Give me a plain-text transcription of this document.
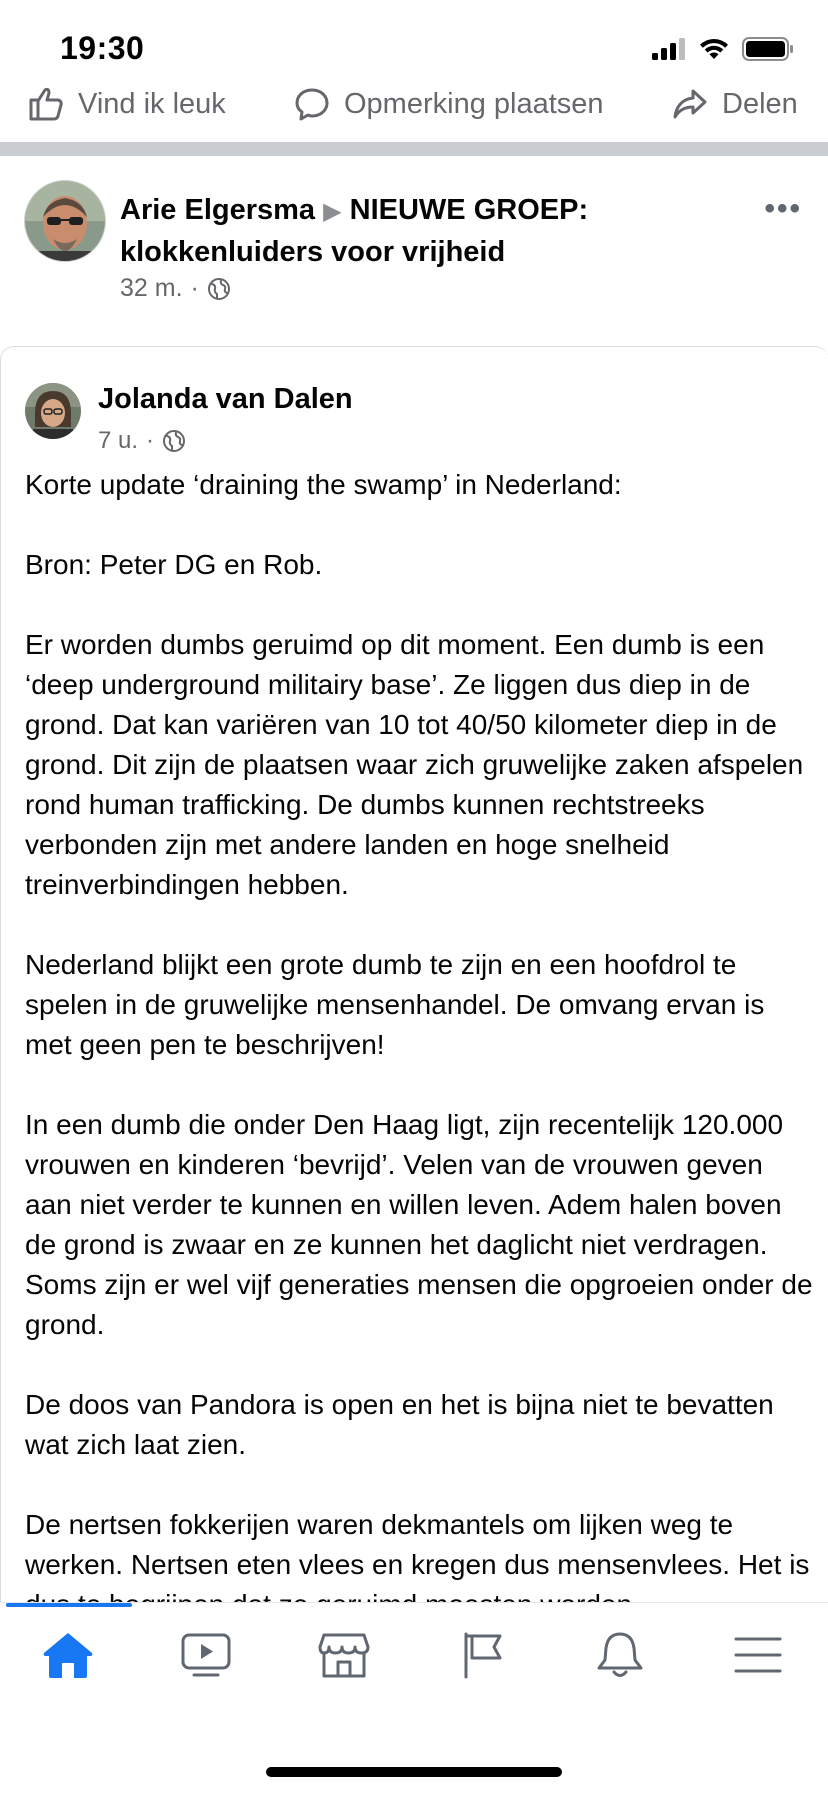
19:30
Vind ik leuk	Opmerking plaatsen	Delen
Arie Elgersma ▶ NIEUWE GROEP: klokkenluiders voor vrijheid
32 m. ·
•••
Jolanda van Dalen
7 u. ·

Korte update ‘draining the swamp’ in Nederland:

Bron: Peter DG en Rob.

Er worden dumbs geruimd op dit moment. Een dumb is een ‘deep underground militairy base’. Ze liggen dus diep in de grond. Dat kan variëren van 10 tot 40/50 kilometer diep in de grond. Dit zijn de plaatsen waar zich gruwelijke zaken afspelen rond human trafficking. De dumbs kunnen rechtstreeks verbonden zijn met andere landen en hoge snelheid treinverbindingen hebben.

Nederland blijkt een grote dumb te zijn en een hoofdrol te spelen in de gruwelijke mensenhandel. De omvang ervan is met geen pen te beschrijven!

In een dumb die onder Den Haag ligt, zijn recentelijk 120.000 vrouwen en kinderen ‘bevrijd’. Velen van de vrouwen geven aan niet verder te kunnen en willen leven. Adem halen boven de grond is zwaar en ze kunnen het daglicht niet verdragen. Soms zijn er wel vijf generaties mensen die opgroeien onder de grond.

De doos van Pandora is open en het is bijna niet te bevatten wat zich laat zien.

De nertsen fokkerijen waren dekmantels om lijken weg te werken. Nertsen eten vlees en kregen dus mensenvlees. Het is
